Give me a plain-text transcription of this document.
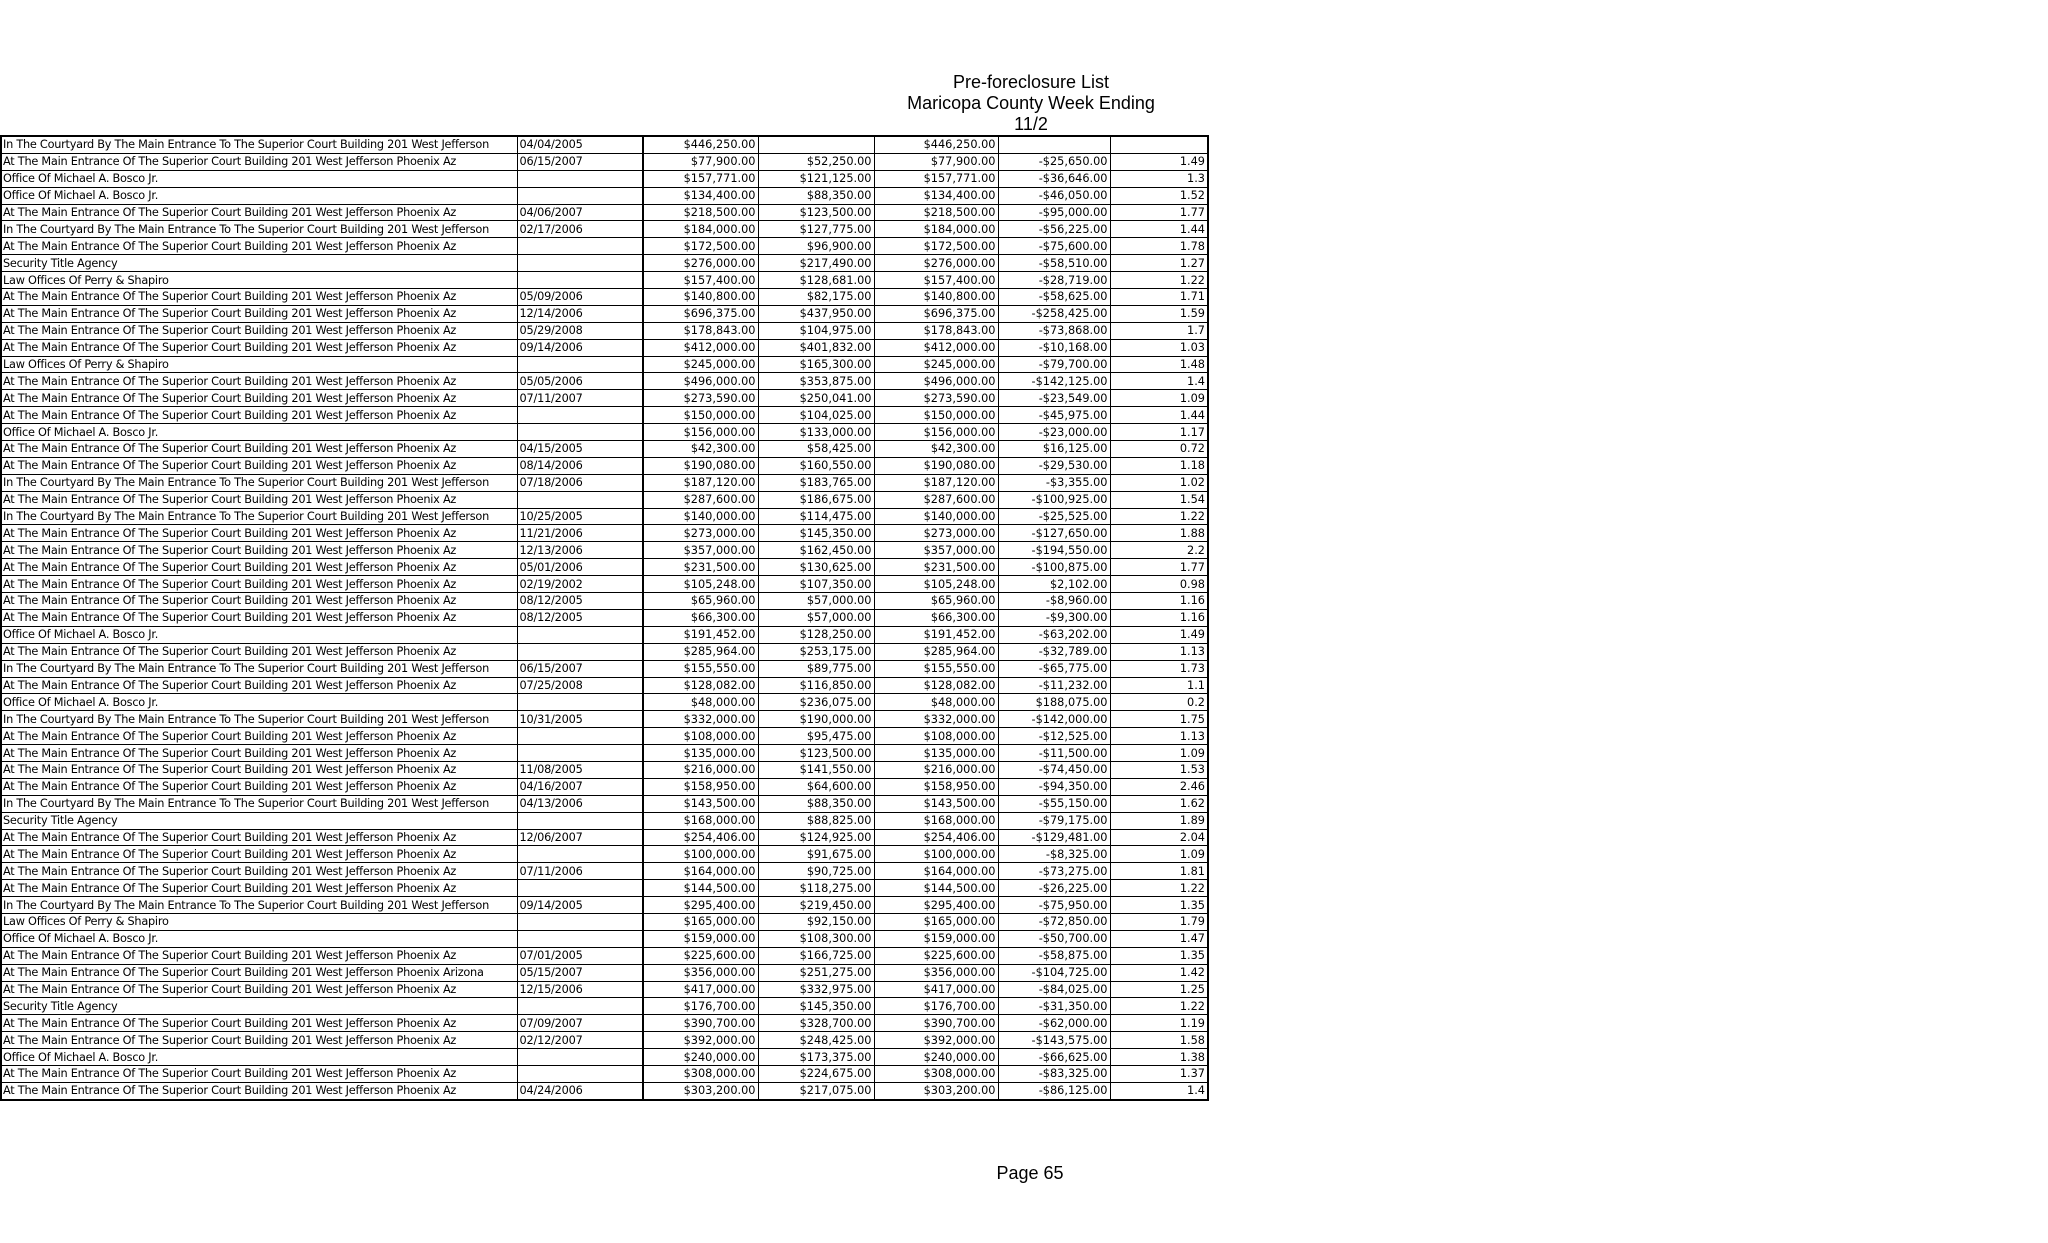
Pre-foreclosure List
Maricopa County Week Ending 11/2
In The Courtyard By The Main Entrance To The Superior Court Building 201 West Jefferson	04/04/2005	$446,250.00		$446,250.00		
At The Main Entrance Of The Superior Court Building 201 West Jefferson Phoenix Az	06/15/2007	$77,900.00	$52,250.00	$77,900.00	-$25,650.00	1.49
Office Of Michael A. Bosco Jr.		$157,771.00	$121,125.00	$157,771.00	-$36,646.00	1.3
Office Of Michael A. Bosco Jr.		$134,400.00	$88,350.00	$134,400.00	-$46,050.00	1.52
At The Main Entrance Of The Superior Court Building 201 West Jefferson Phoenix Az	04/06/2007	$218,500.00	$123,500.00	$218,500.00	-$95,000.00	1.77
In The Courtyard By The Main Entrance To The Superior Court Building 201 West Jefferson	02/17/2006	$184,000.00	$127,775.00	$184,000.00	-$56,225.00	1.44
At The Main Entrance Of The Superior Court Building 201 West Jefferson Phoenix Az		$172,500.00	$96,900.00	$172,500.00	-$75,600.00	1.78
Security Title Agency		$276,000.00	$217,490.00	$276,000.00	-$58,510.00	1.27
Law Offices Of Perry & Shapiro		$157,400.00	$128,681.00	$157,400.00	-$28,719.00	1.22
At The Main Entrance Of The Superior Court Building 201 West Jefferson Phoenix Az	05/09/2006	$140,800.00	$82,175.00	$140,800.00	-$58,625.00	1.71
At The Main Entrance Of The Superior Court Building 201 West Jefferson Phoenix Az	12/14/2006	$696,375.00	$437,950.00	$696,375.00	-$258,425.00	1.59
At The Main Entrance Of The Superior Court Building 201 West Jefferson Phoenix Az	05/29/2008	$178,843.00	$104,975.00	$178,843.00	-$73,868.00	1.7
At The Main Entrance Of The Superior Court Building 201 West Jefferson Phoenix Az	09/14/2006	$412,000.00	$401,832.00	$412,000.00	-$10,168.00	1.03
Law Offices Of Perry & Shapiro		$245,000.00	$165,300.00	$245,000.00	-$79,700.00	1.48
At The Main Entrance Of The Superior Court Building 201 West Jefferson Phoenix Az	05/05/2006	$496,000.00	$353,875.00	$496,000.00	-$142,125.00	1.4
At The Main Entrance Of The Superior Court Building 201 West Jefferson Phoenix Az	07/11/2007	$273,590.00	$250,041.00	$273,590.00	-$23,549.00	1.09
At The Main Entrance Of The Superior Court Building 201 West Jefferson Phoenix Az		$150,000.00	$104,025.00	$150,000.00	-$45,975.00	1.44
Office Of Michael A. Bosco Jr.		$156,000.00	$133,000.00	$156,000.00	-$23,000.00	1.17
At The Main Entrance Of The Superior Court Building 201 West Jefferson Phoenix Az	04/15/2005	$42,300.00	$58,425.00	$42,300.00	$16,125.00	0.72
At The Main Entrance Of The Superior Court Building 201 West Jefferson Phoenix Az	08/14/2006	$190,080.00	$160,550.00	$190,080.00	-$29,530.00	1.18
In The Courtyard By The Main Entrance To The Superior Court Building 201 West Jefferson	07/18/2006	$187,120.00	$183,765.00	$187,120.00	-$3,355.00	1.02
At The Main Entrance Of The Superior Court Building 201 West Jefferson Phoenix Az		$287,600.00	$186,675.00	$287,600.00	-$100,925.00	1.54
In The Courtyard By The Main Entrance To The Superior Court Building 201 West Jefferson	10/25/2005	$140,000.00	$114,475.00	$140,000.00	-$25,525.00	1.22
At The Main Entrance Of The Superior Court Building 201 West Jefferson Phoenix Az	11/21/2006	$273,000.00	$145,350.00	$273,000.00	-$127,650.00	1.88
At The Main Entrance Of The Superior Court Building 201 West Jefferson Phoenix Az	12/13/2006	$357,000.00	$162,450.00	$357,000.00	-$194,550.00	2.2
At The Main Entrance Of The Superior Court Building 201 West Jefferson Phoenix Az	05/01/2006	$231,500.00	$130,625.00	$231,500.00	-$100,875.00	1.77
At The Main Entrance Of The Superior Court Building 201 West Jefferson Phoenix Az	02/19/2002	$105,248.00	$107,350.00	$105,248.00	$2,102.00	0.98
At The Main Entrance Of The Superior Court Building 201 West Jefferson Phoenix Az	08/12/2005	$65,960.00	$57,000.00	$65,960.00	-$8,960.00	1.16
At The Main Entrance Of The Superior Court Building 201 West Jefferson Phoenix Az	08/12/2005	$66,300.00	$57,000.00	$66,300.00	-$9,300.00	1.16
Office Of Michael A. Bosco Jr.		$191,452.00	$128,250.00	$191,452.00	-$63,202.00	1.49
At The Main Entrance Of The Superior Court Building 201 West Jefferson Phoenix Az		$285,964.00	$253,175.00	$285,964.00	-$32,789.00	1.13
In The Courtyard By The Main Entrance To The Superior Court Building 201 West Jefferson	06/15/2007	$155,550.00	$89,775.00	$155,550.00	-$65,775.00	1.73
At The Main Entrance Of The Superior Court Building 201 West Jefferson Phoenix Az	07/25/2008	$128,082.00	$116,850.00	$128,082.00	-$11,232.00	1.1
Office Of Michael A. Bosco Jr.		$48,000.00	$236,075.00	$48,000.00	$188,075.00	0.2
In The Courtyard By The Main Entrance To The Superior Court Building 201 West Jefferson	10/31/2005	$332,000.00	$190,000.00	$332,000.00	-$142,000.00	1.75
At The Main Entrance Of The Superior Court Building 201 West Jefferson Phoenix Az		$108,000.00	$95,475.00	$108,000.00	-$12,525.00	1.13
At The Main Entrance Of The Superior Court Building 201 West Jefferson Phoenix Az		$135,000.00	$123,500.00	$135,000.00	-$11,500.00	1.09
At The Main Entrance Of The Superior Court Building 201 West Jefferson Phoenix Az	11/08/2005	$216,000.00	$141,550.00	$216,000.00	-$74,450.00	1.53
At The Main Entrance Of The Superior Court Building 201 West Jefferson Phoenix Az	04/16/2007	$158,950.00	$64,600.00	$158,950.00	-$94,350.00	2.46
In The Courtyard By The Main Entrance To The Superior Court Building 201 West Jefferson	04/13/2006	$143,500.00	$88,350.00	$143,500.00	-$55,150.00	1.62
Security Title Agency		$168,000.00	$88,825.00	$168,000.00	-$79,175.00	1.89
At The Main Entrance Of The Superior Court Building 201 West Jefferson Phoenix Az	12/06/2007	$254,406.00	$124,925.00	$254,406.00	-$129,481.00	2.04
At The Main Entrance Of The Superior Court Building 201 West Jefferson Phoenix Az		$100,000.00	$91,675.00	$100,000.00	-$8,325.00	1.09
At The Main Entrance Of The Superior Court Building 201 West Jefferson Phoenix Az	07/11/2006	$164,000.00	$90,725.00	$164,000.00	-$73,275.00	1.81
At The Main Entrance Of The Superior Court Building 201 West Jefferson Phoenix Az		$144,500.00	$118,275.00	$144,500.00	-$26,225.00	1.22
In The Courtyard By The Main Entrance To The Superior Court Building 201 West Jefferson	09/14/2005	$295,400.00	$219,450.00	$295,400.00	-$75,950.00	1.35
Law Offices Of Perry & Shapiro		$165,000.00	$92,150.00	$165,000.00	-$72,850.00	1.79
Office Of Michael A. Bosco Jr.		$159,000.00	$108,300.00	$159,000.00	-$50,700.00	1.47
At The Main Entrance Of The Superior Court Building 201 West Jefferson Phoenix Az	07/01/2005	$225,600.00	$166,725.00	$225,600.00	-$58,875.00	1.35
At The Main Entrance Of The Superior Court Building 201 West Jefferson Phoenix Arizona	05/15/2007	$356,000.00	$251,275.00	$356,000.00	-$104,725.00	1.42
At The Main Entrance Of The Superior Court Building 201 West Jefferson Phoenix Az	12/15/2006	$417,000.00	$332,975.00	$417,000.00	-$84,025.00	1.25
Security Title Agency		$176,700.00	$145,350.00	$176,700.00	-$31,350.00	1.22
At The Main Entrance Of The Superior Court Building 201 West Jefferson Phoenix Az	07/09/2007	$390,700.00	$328,700.00	$390,700.00	-$62,000.00	1.19
At The Main Entrance Of The Superior Court Building 201 West Jefferson Phoenix Az	02/12/2007	$392,000.00	$248,425.00	$392,000.00	-$143,575.00	1.58
Office Of Michael A. Bosco Jr.		$240,000.00	$173,375.00	$240,000.00	-$66,625.00	1.38
At The Main Entrance Of The Superior Court Building 201 West Jefferson Phoenix Az		$308,000.00	$224,675.00	$308,000.00	-$83,325.00	1.37
At The Main Entrance Of The Superior Court Building 201 West Jefferson Phoenix Az	04/24/2006	$303,200.00	$217,075.00	$303,200.00	-$86,125.00	1.4
Page 65
